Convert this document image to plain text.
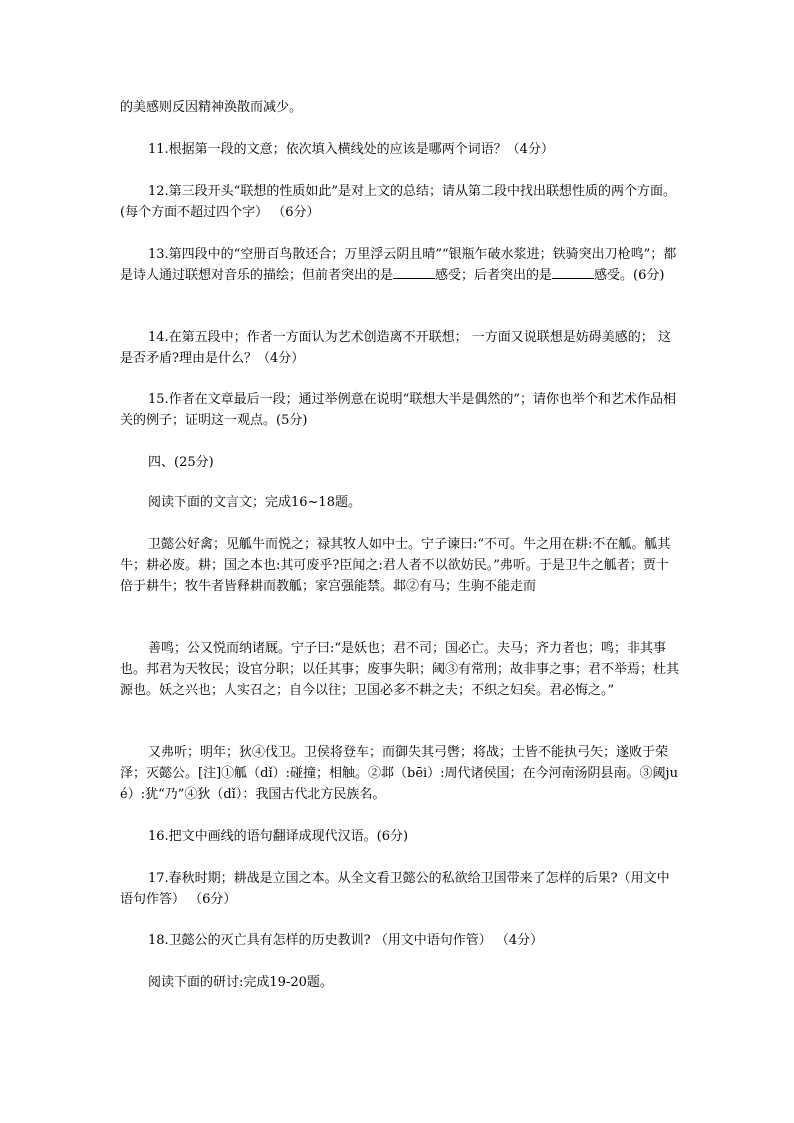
的美感则反因精神涣散而减少。

11.根据第一段的文意；依次填入横线处的应该是哪两个词语？（4分）

12.第三段开头“联想的性质如此”是对上文的总结；请从第二段中找出联想性质的两个方面。(每个方面不超过四个字） （6分）

13.第四段中的“空册百鸟散还合；万里浮云阴且晴”“银瓶乍破水浆进；铁骑突出刀枪鸣”；都是诗人通过联想对音乐的描绘；但前者突出的是	感受；后者突出的是	感受。(6分)

14.在第五段中；作者一方面认为艺术创造离不开联想； 一方面又说联想是妨碍美感的； 这是否矛盾?理由是什么？（4分）

15.作者在文章最后一段；通过举例意在说明“联想大半是偶然的”；请你也举个和艺术作品相关的例子；证明这一观点。(5分)

四、(25分)

阅读下面的文言文；完成16~18题。

卫懿公好禽；见觚牛而悦之；禄其牧人如中士。宁子谏曰:“不可。牛之用在耕:不在觚。觚其牛；耕必废。耕；国之本也:其可废乎?臣闻之:君人者不以欲妨民。”弗听。于是卫牛之觚者；贾十倍于耕牛；牧牛者皆释耕而教觚；家宫强能禁。邶②有马；生驹不能走而

善鸣；公又悦而纳诸厩。宁子曰:“是妖也；君不司；国必亡。夫马；齐力者也；鸣；非其事也。邦君为天牧民；设官分职；以任其事；废事失职；阈③有常刑；故非事之事；君不举焉；杜其源也。妖之兴也；人实召之；自今以往；卫国必多不耕之夫；不织之妇矣。君必悔之。”

又弗听；明年；狄④伐卫。卫侯将登车；而御失其弓辔；将战；士皆不能执弓矢；遂败于荣泽；灭懿公。[注]①觚（dǐ）:碰撞；相触。②邶（bēi）:周代诸侯国；在今河南汤阴县南。③阈jué）:犹“乃”④狄（dǐ）：我国古代北方民族名。

16.把文中画线的语句翻译成现代汉语。(6分)

17.春秋时期；耕战是立国之本。从全文看卫懿公的私欲给卫国带来了怎样的后果?（用文中语句作答） （6分）

18.卫懿公的灭亡具有怎样的历史教训? （用文中语句作管） （4分）

阅读下面的研讨:完成19-20题。
